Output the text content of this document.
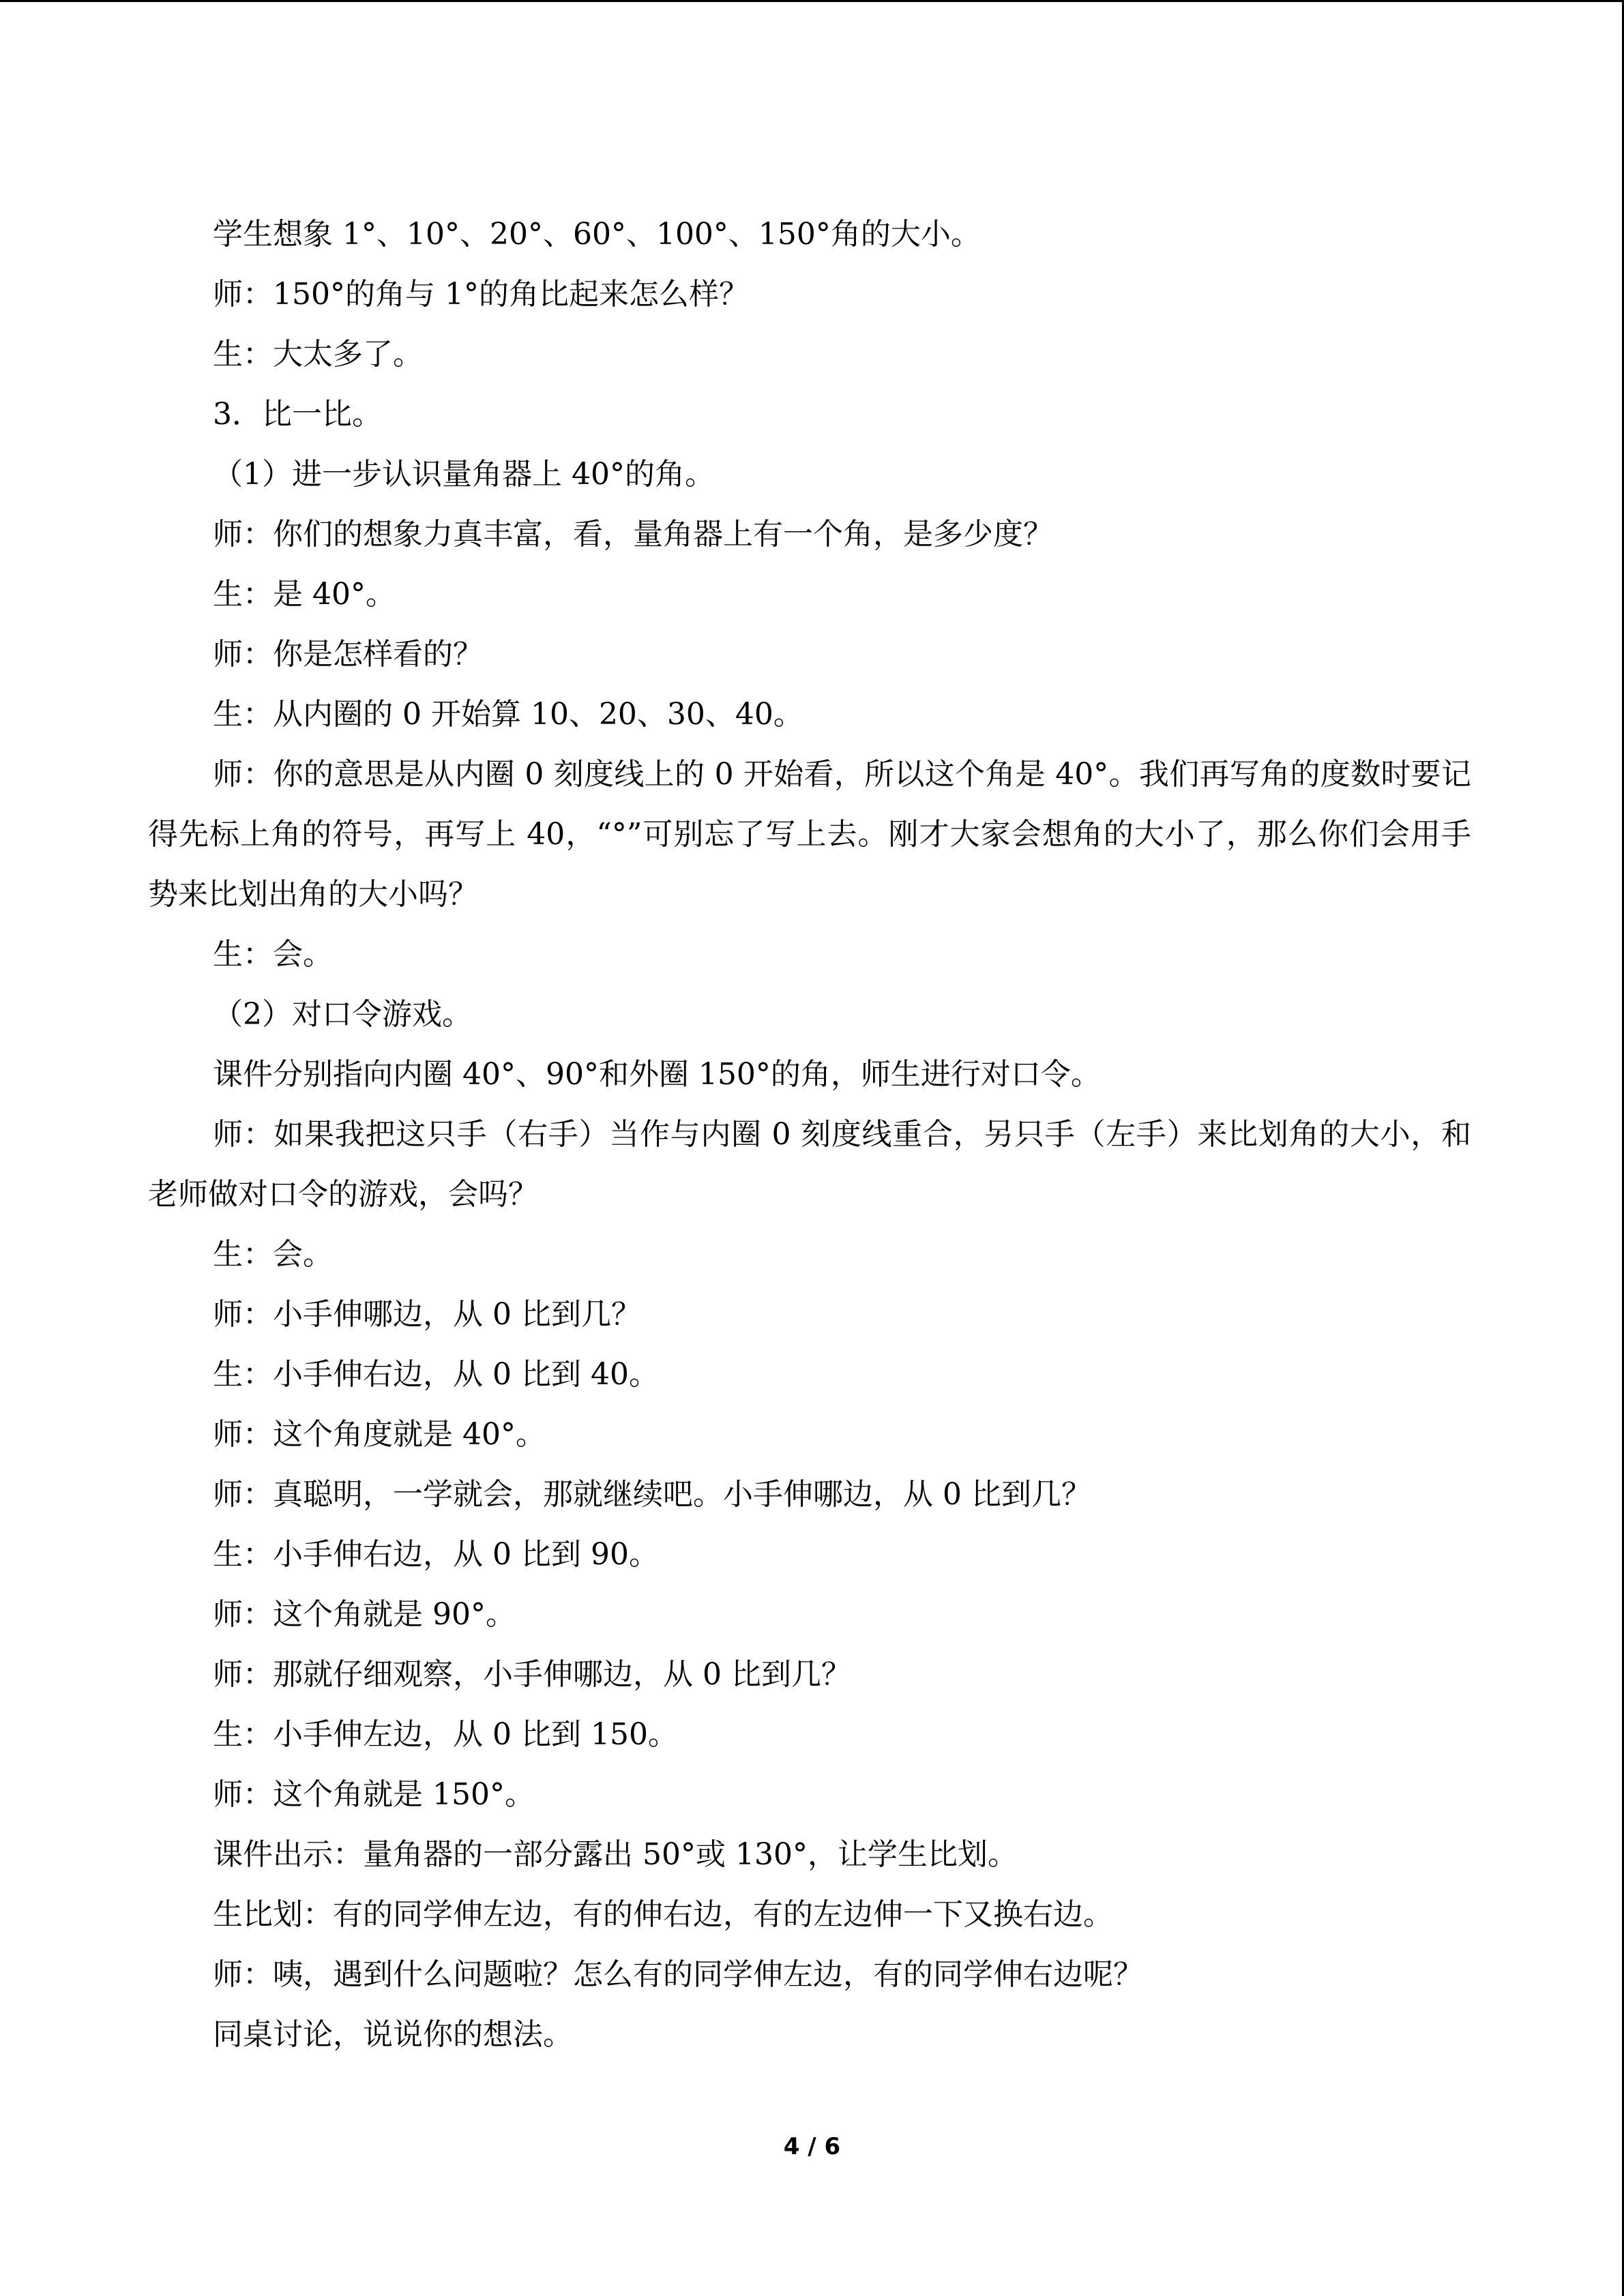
学生想象 1°、10°、20°、60°、100°、150°角的大小。
师：150°的角与 1°的角比起来怎么样？
生：大太多了。
3．比一比。
（1）进一步认识量角器上 40°的角。
师：你们的想象力真丰富，看，量角器上有一个角，是多少度？
生：是 40°。
师：你是怎样看的？
生：从内圈的 0 开始算 10、20、30、40。
师：你的意思是从内圈 0 刻度线上的 0 开始看，所以这个角是 40°。我们再写角的度数时要记得先标上角的符号，再写上 40，“°”可别忘了写上去。刚才大家会想角的大小了，那么你们会用手势来比划出角的大小吗？
生：会。
（2）对口令游戏。
课件分别指向内圈 40°、90°和外圈 150°的角，师生进行对口令。
师：如果我把这只手（右手）当作与内圈 0 刻度线重合，另只手（左手）来比划角的大小，和老师做对口令的游戏，会吗？
生：会。
师：小手伸哪边，从 0 比到几？
生：小手伸右边，从 0 比到 40。
师：这个角度就是 40°。
师：真聪明，一学就会，那就继续吧。小手伸哪边，从 0 比到几？
生：小手伸右边，从 0 比到 90。
师：这个角就是 90°。
师：那就仔细观察，小手伸哪边，从 0 比到几？
生：小手伸左边，从 0 比到 150。
师：这个角就是 150°。
课件出示：量角器的一部分露出 50°或 130°，让学生比划。
生比划：有的同学伸左边，有的伸右边，有的左边伸一下又换右边。
师：咦，遇到什么问题啦？怎么有的同学伸左边，有的同学伸右边呢？
同桌讨论，说说你的想法。
4 / 6
